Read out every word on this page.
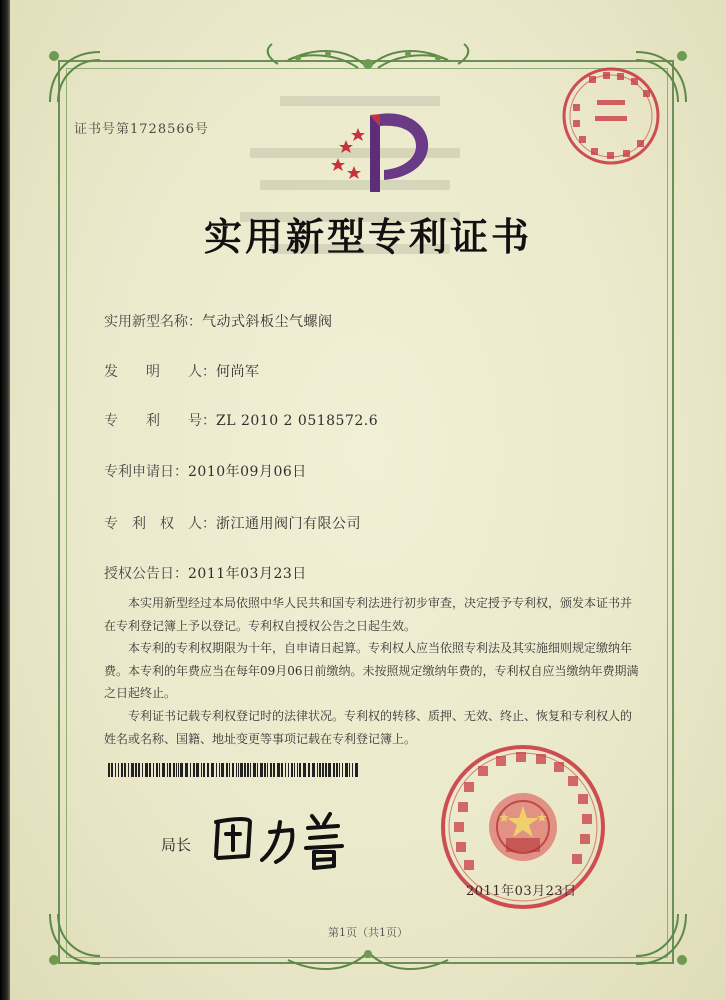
证书号第1728566号
实用新型专利证书
实用新型名称：气动式斜板尘气螺阀
发　　明　　人：何尚军
专　　利　　号：ZL 2010 2 0518572.6
专利申请日：2010年09月06日
专　利　权　人：浙江通用阀门有限公司
授权公告日：2011年03月23日

本实用新型经过本局依照中华人民共和国专利法进行初步审查，决定授予专利权，颁发本证书并在专利登记簿上予以登记。专利权自授权公告之日起生效。

本专利的专利权期限为十年，自申请日起算。专利权人应当依照专利法及其实施细则规定缴纳年费。本专利的年费应当在每年09月06日前缴纳。未按照规定缴纳年费的，专利权自应当缴纳年费期满之日起终止。

专利证书记载专利权登记时的法律状况。专利权的转移、质押、无效、终止、恢复和专利权人的姓名或名称、国籍、地址变更等事项记载在专利登记簿上。

局长
2011年03月23日
第1页（共1页）
